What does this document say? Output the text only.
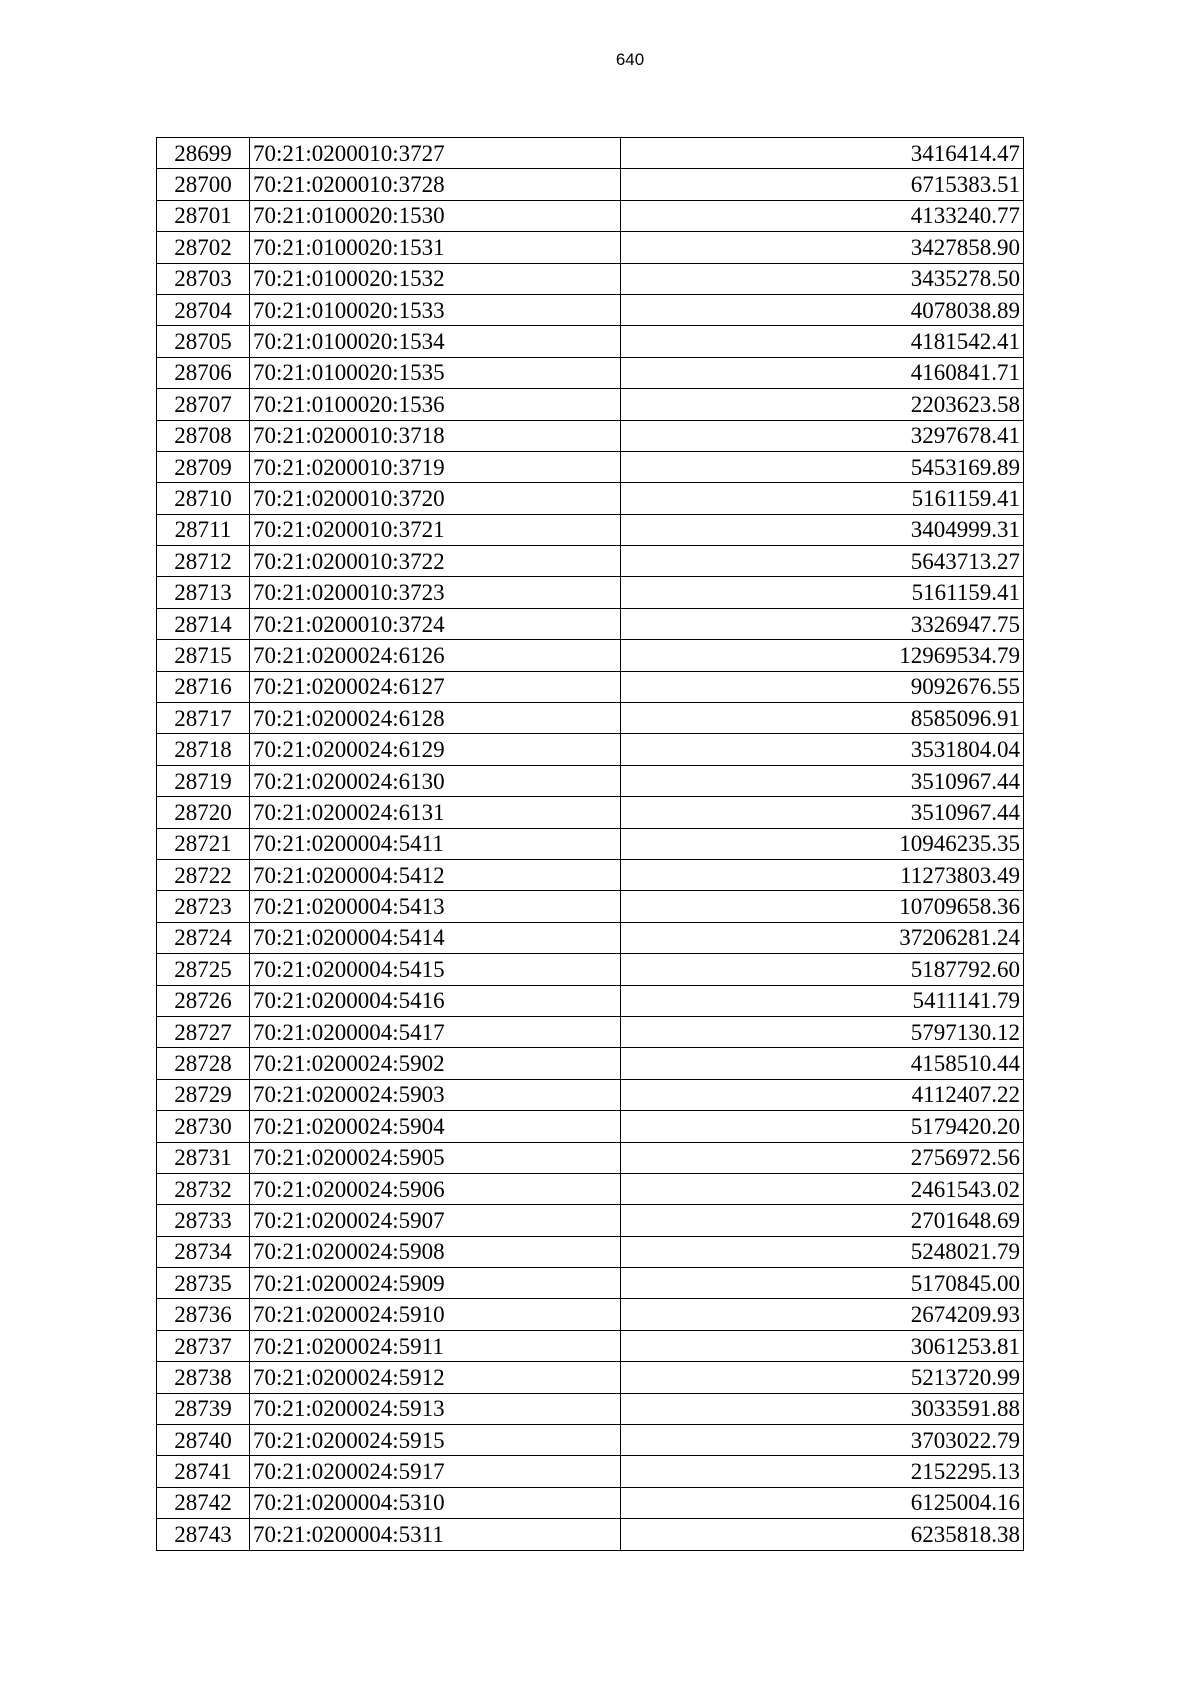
640
28699	70:21:0200010:3727	3416414.47
28700	70:21:0200010:3728	6715383.51
28701	70:21:0100020:1530	4133240.77
28702	70:21:0100020:1531	3427858.90
28703	70:21:0100020:1532	3435278.50
28704	70:21:0100020:1533	4078038.89
28705	70:21:0100020:1534	4181542.41
28706	70:21:0100020:1535	4160841.71
28707	70:21:0100020:1536	2203623.58
28708	70:21:0200010:3718	3297678.41
28709	70:21:0200010:3719	5453169.89
28710	70:21:0200010:3720	5161159.41
28711	70:21:0200010:3721	3404999.31
28712	70:21:0200010:3722	5643713.27
28713	70:21:0200010:3723	5161159.41
28714	70:21:0200010:3724	3326947.75
28715	70:21:0200024:6126	12969534.79
28716	70:21:0200024:6127	9092676.55
28717	70:21:0200024:6128	8585096.91
28718	70:21:0200024:6129	3531804.04
28719	70:21:0200024:6130	3510967.44
28720	70:21:0200024:6131	3510967.44
28721	70:21:0200004:5411	10946235.35
28722	70:21:0200004:5412	11273803.49
28723	70:21:0200004:5413	10709658.36
28724	70:21:0200004:5414	37206281.24
28725	70:21:0200004:5415	5187792.60
28726	70:21:0200004:5416	5411141.79
28727	70:21:0200004:5417	5797130.12
28728	70:21:0200024:5902	4158510.44
28729	70:21:0200024:5903	4112407.22
28730	70:21:0200024:5904	5179420.20
28731	70:21:0200024:5905	2756972.56
28732	70:21:0200024:5906	2461543.02
28733	70:21:0200024:5907	2701648.69
28734	70:21:0200024:5908	5248021.79
28735	70:21:0200024:5909	5170845.00
28736	70:21:0200024:5910	2674209.93
28737	70:21:0200024:5911	3061253.81
28738	70:21:0200024:5912	5213720.99
28739	70:21:0200024:5913	3033591.88
28740	70:21:0200024:5915	3703022.79
28741	70:21:0200024:5917	2152295.13
28742	70:21:0200004:5310	6125004.16
28743	70:21:0200004:5311	6235818.38
